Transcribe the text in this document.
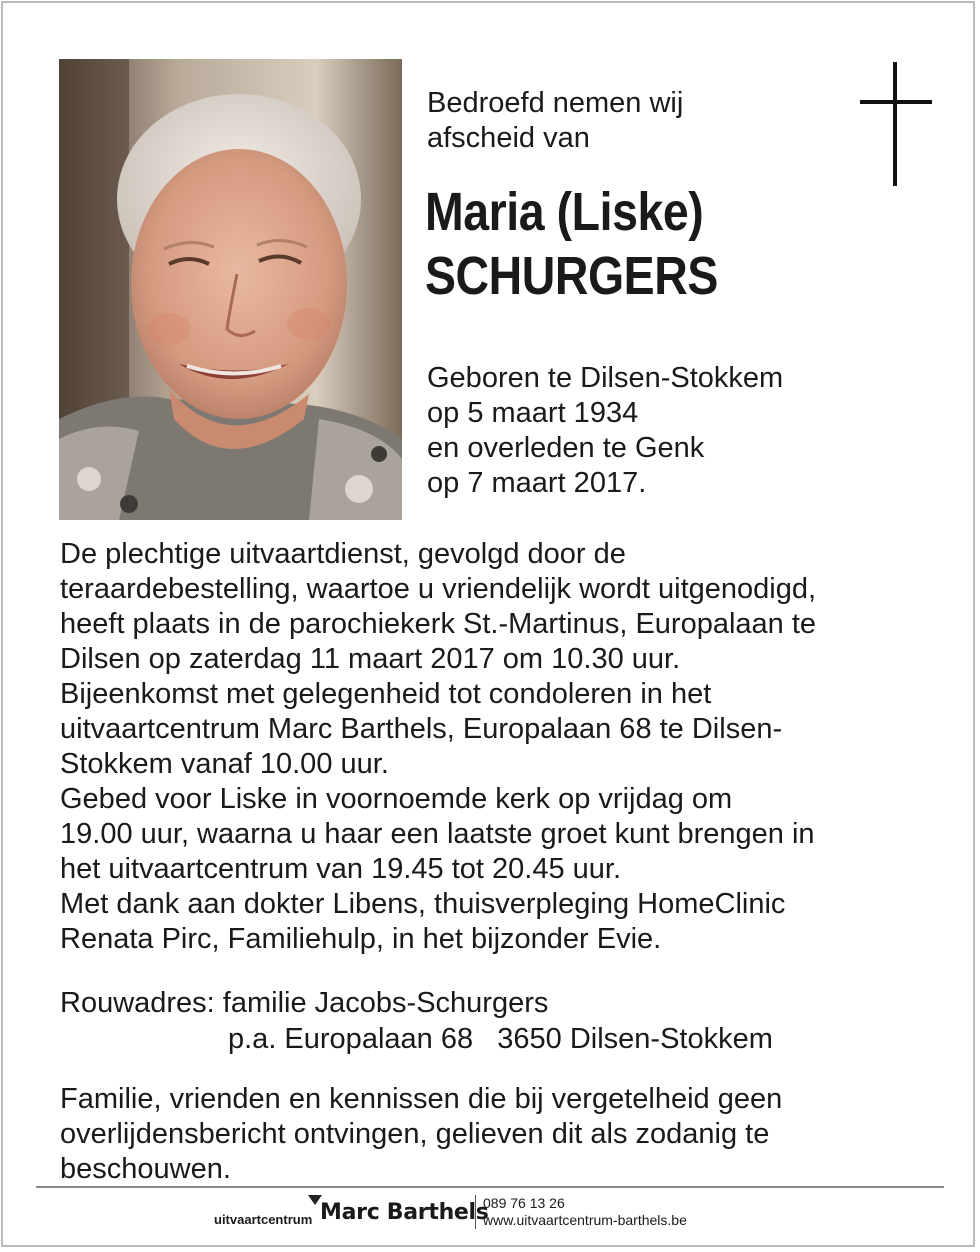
Bedroefd nemen wij
afscheid van
Maria (Liske)
SCHURGERS
Geboren te Dilsen-Stokkem
op 5 maart 1934
en overleden te Genk
op 7 maart 2017.
De plechtige uitvaartdienst, gevolgd door de
teraardebestelling, waartoe u vriendelijk wordt uitgenodigd,
heeft plaats in de parochiekerk St.-Martinus, Europalaan te
Dilsen op zaterdag 11 maart 2017 om 10.30 uur.
Bijeenkomst met gelegenheid tot condoleren in het
uitvaartcentrum Marc Barthels, Europalaan 68 te Dilsen-
Stokkem vanaf 10.00 uur.
Gebed voor Liske in voornoemde kerk op vrijdag om
19.00 uur, waarna u haar een laatste groet kunt brengen in
het uitvaartcentrum van 19.45 tot 20.45 uur.
Met dank aan dokter Libens, thuisverpleging HomeClinic
Renata Pirc, Familiehulp, in het bijzonder Evie.
Rouwadres: familie Jacobs-Schurgers
p.a. Europalaan 68   3650 Dilsen-Stokkem
Familie, vrienden en kennissen die bij vergetelheid geen
overlijdensbericht ontvingen, gelieven dit als zodanig te
beschouwen.
uitvaartcentrum Marc Barthels
089 76 13 26
www.uitvaartcentrum-barthels.be
